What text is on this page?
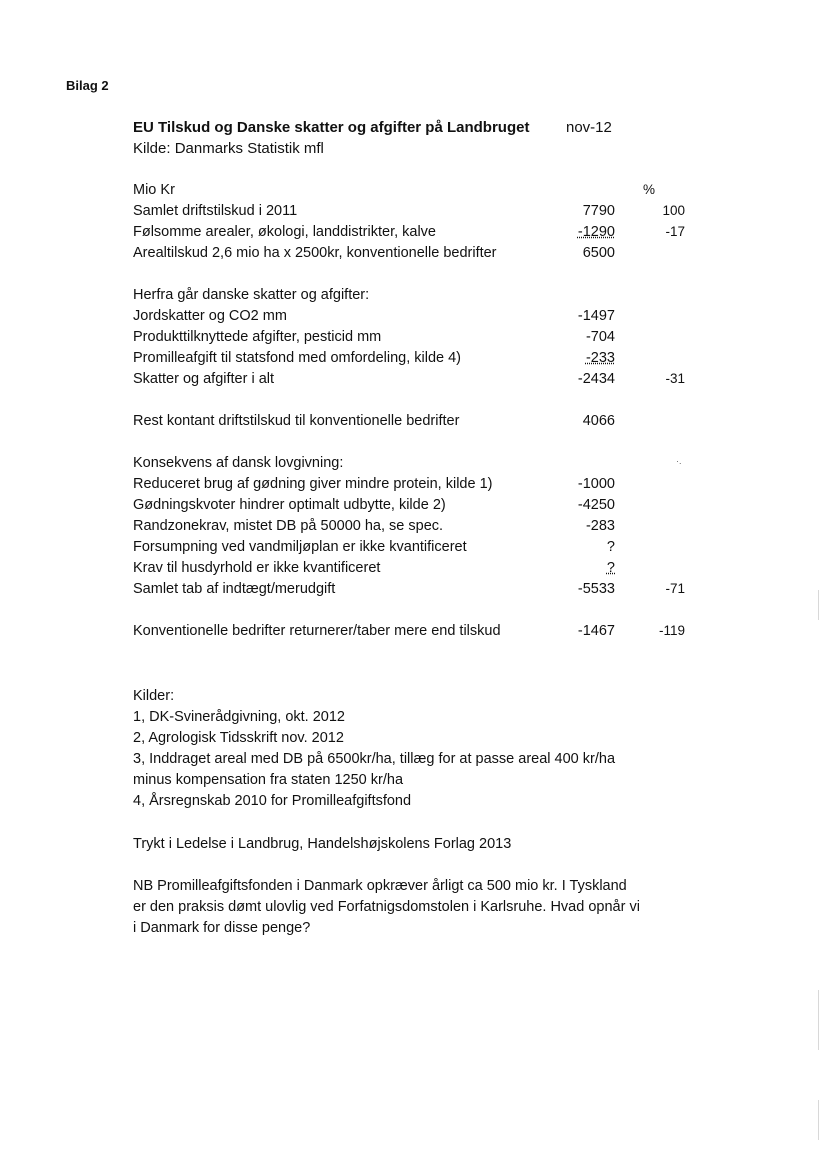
Bilag 2
EU Tilskud og Danske skatter og afgifter på Landbruget nov-12
Kilde: Danmarks Statistik mfl
Mio Kr	%
Samlet driftstilskud i 2011	7790	100
Følsomme arealer, økologi, landdistrikter, kalve	-1290	-17
Arealtilskud 2,6 mio ha x 2500kr, konventionelle bedrifter	6500
Herfra går danske skatter og afgifter:
Jordskatter og CO2 mm	-1497
Produkttilknyttede afgifter, pesticid mm	-704
Promilleafgift til statsfond med omfordeling, kilde 4)	-233
Skatter og afgifter i alt	-2434	-31
Rest kontant driftstilskud til konventionelle bedrifter	4066
Konsekvens af dansk lovgivning:	·.
Reduceret brug af gødning giver mindre protein, kilde 1)	-1000
Gødningskvoter hindrer optimalt udbytte, kilde 2)	-4250
Randzonekrav, mistet DB på 50000 ha, se spec.	-283
Forsumpning ved vandmiljøplan er ikke kvantificeret	?
Krav til husdyrhold er ikke kvantificeret	?
Samlet tab af indtægt/merudgift	-5533	-71
Konventionelle bedrifter returnerer/taber mere end tilskud	-1467	-119
Kilder:
1, DK-Svinerådgivning, okt. 2012
2, Agrologisk Tidsskrift nov. 2012
3, Inddraget areal med DB på 6500kr/ha, tillæg for at passe areal 400 kr/ha
minus kompensation fra staten 1250 kr/ha
4, Årsregnskab 2010 for Promilleafgiftsfond
Trykt i Ledelse i Landbrug, Handelshøjskolens Forlag 2013
NB Promilleafgiftsfonden i Danmark opkræver årligt ca 500 mio kr. I Tyskland
er den praksis dømt ulovlig ved Forfatnigsdomstolen i Karlsruhe. Hvad opnår vi
i Danmark for disse penge?
